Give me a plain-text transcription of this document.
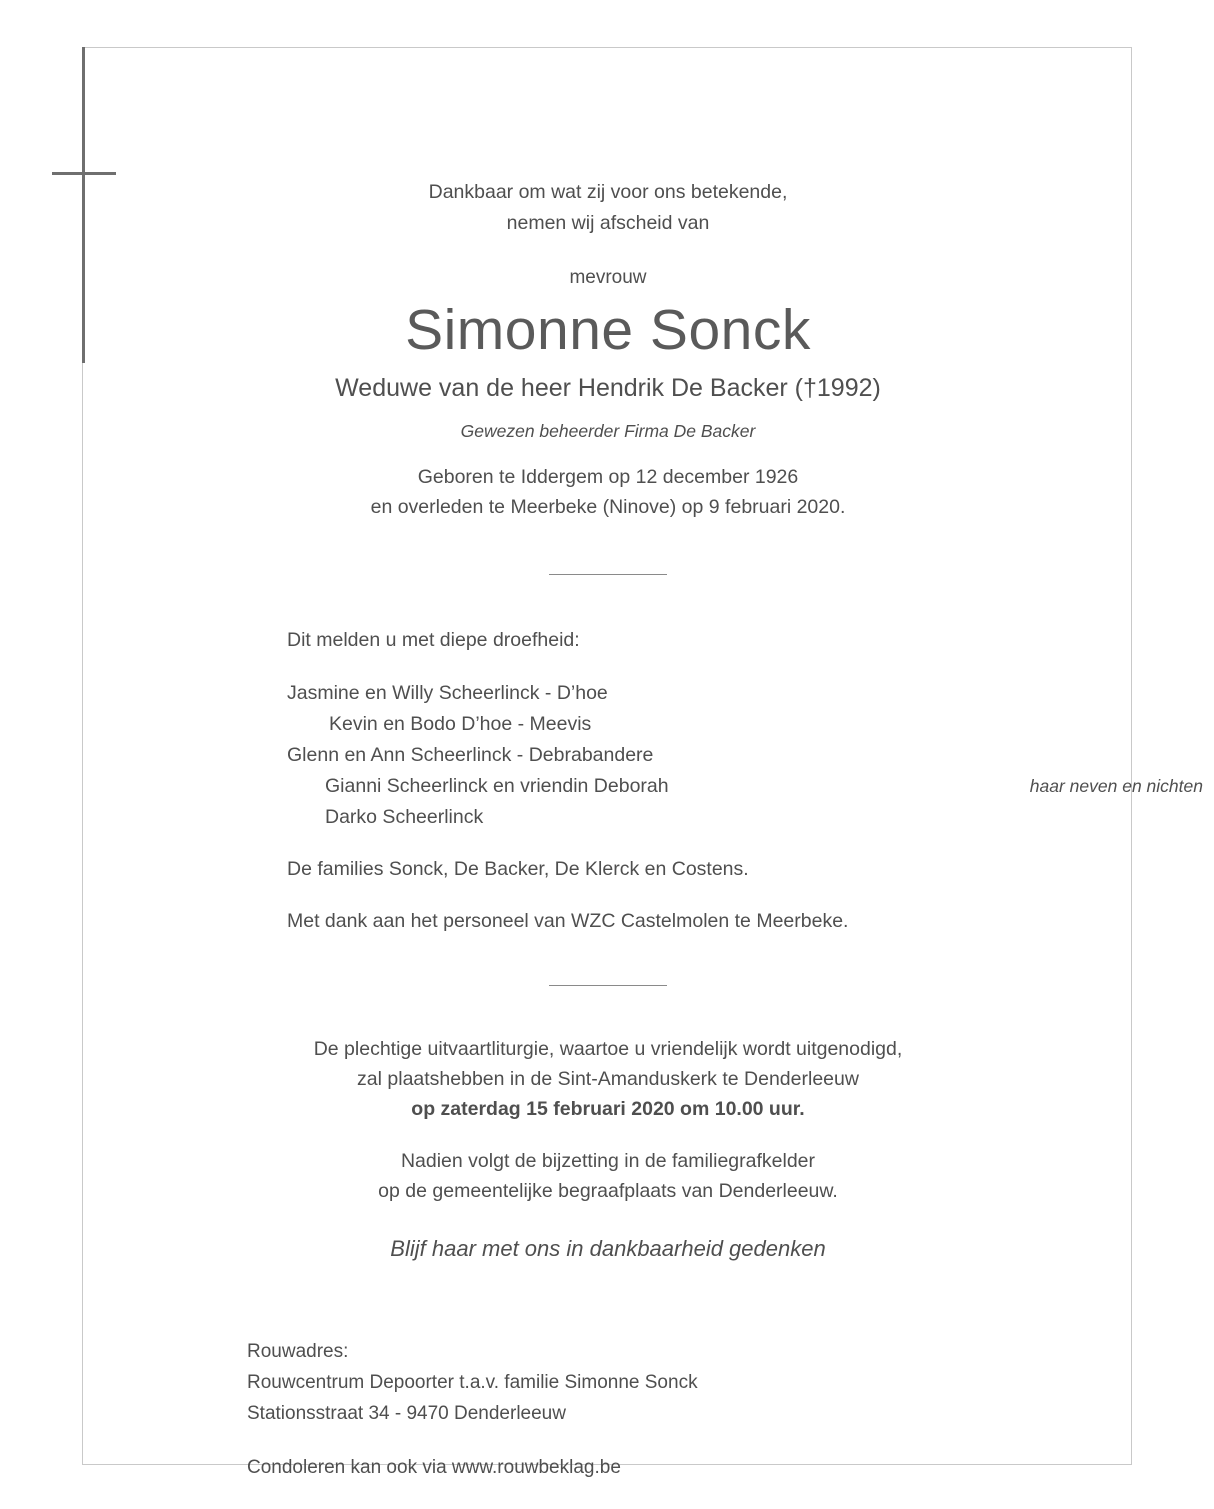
Dankbaar om wat zij voor ons betekende,
nemen wij afscheid van
mevrouw
Simonne Sonck
Weduwe van de heer Hendrik De Backer (†1992)
Gewezen beheerder Firma De Backer
Geboren te Iddergem op 12 december 1926
en overleden te Meerbeke (Ninove) op 9 februari 2020.
Dit melden u met diepe droefheid:
Jasmine en Willy Scheerlinck - D’hoe
Kevin en Bodo D’hoe - Meevis
Glenn en Ann Scheerlinck - Debrabandere
Gianni Scheerlinck en vriendin Deborah
Darko Scheerlinck
haar neven en nichten
De families Sonck, De Backer, De Klerck en Costens.
Met dank aan het personeel van WZC Castelmolen te Meerbeke.
De plechtige uitvaartliturgie, waartoe u vriendelijk wordt uitgenodigd,
zal plaatshebben in de Sint-Amanduskerk te Denderleeuw
op zaterdag 15 februari 2020 om 10.00 uur.
Nadien volgt de bijzetting in de familiegrafkelder
op de gemeentelijke begraafplaats van Denderleeuw.
Blijf haar met ons in dankbaarheid gedenken
Rouwadres:
Rouwcentrum Depoorter t.a.v. familie Simonne Sonck
Stationsstraat 34 - 9470 Denderleeuw
Condoleren kan ook via www.rouwbeklag.be
